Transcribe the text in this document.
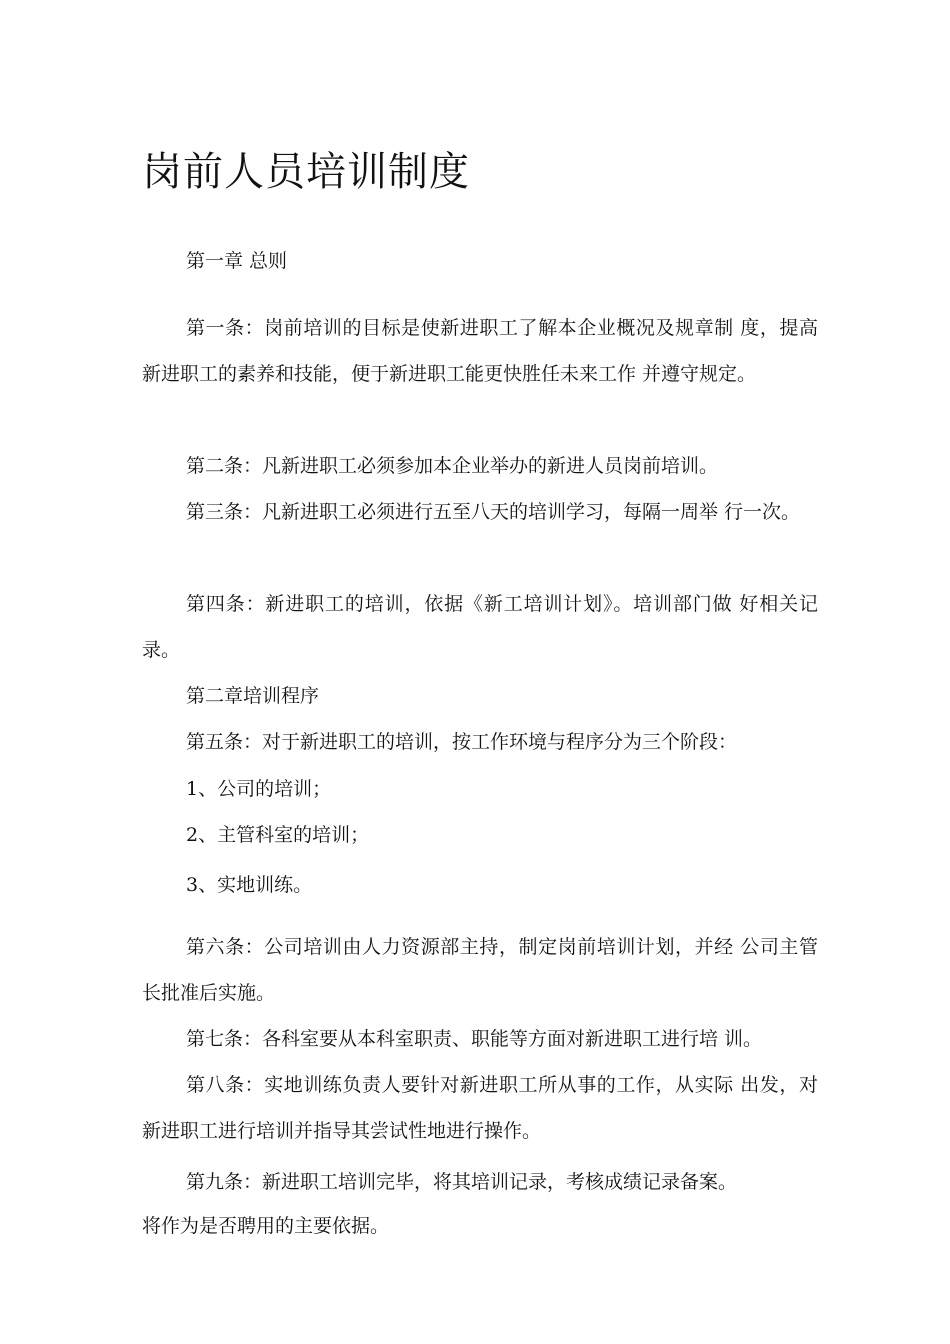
岗前人员培训制度
第一章 总则
第一条：岗前培训的目标是使新进职工了解本企业概况及规章制 度，提高新进职工的素养和技能，便于新进职工能更快胜任未来工作 并遵守规定。
第二条：凡新进职工必须参加本企业举办的新进人员岗前培训。
第三条：凡新进职工必须进行五至八天的培训学习，每隔一周举 行一次。
第四条：新进职工的培训，依据《新工培训计划》。培训部门做 好相关记录。
第二章培训程序
第五条：对于新进职工的培训，按工作环境与程序分为三个阶段：
1、公司的培训；
2、主管科室的培训；
3、实地训练。
第六条：公司培训由人力资源部主持，制定岗前培训计划，并经 公司主管长批准后实施。
第七条：各科室要从本科室职责、职能等方面对新进职工进行培 训。
第八条：实地训练负责人要针对新进职工所从事的工作，从实际 出发，对新进职工进行培训并指导其尝试性地进行操作。
第九条：新进职工培训完毕，将其培训记录，考核成绩记录备案。
将作为是否聘用的主要依据。
